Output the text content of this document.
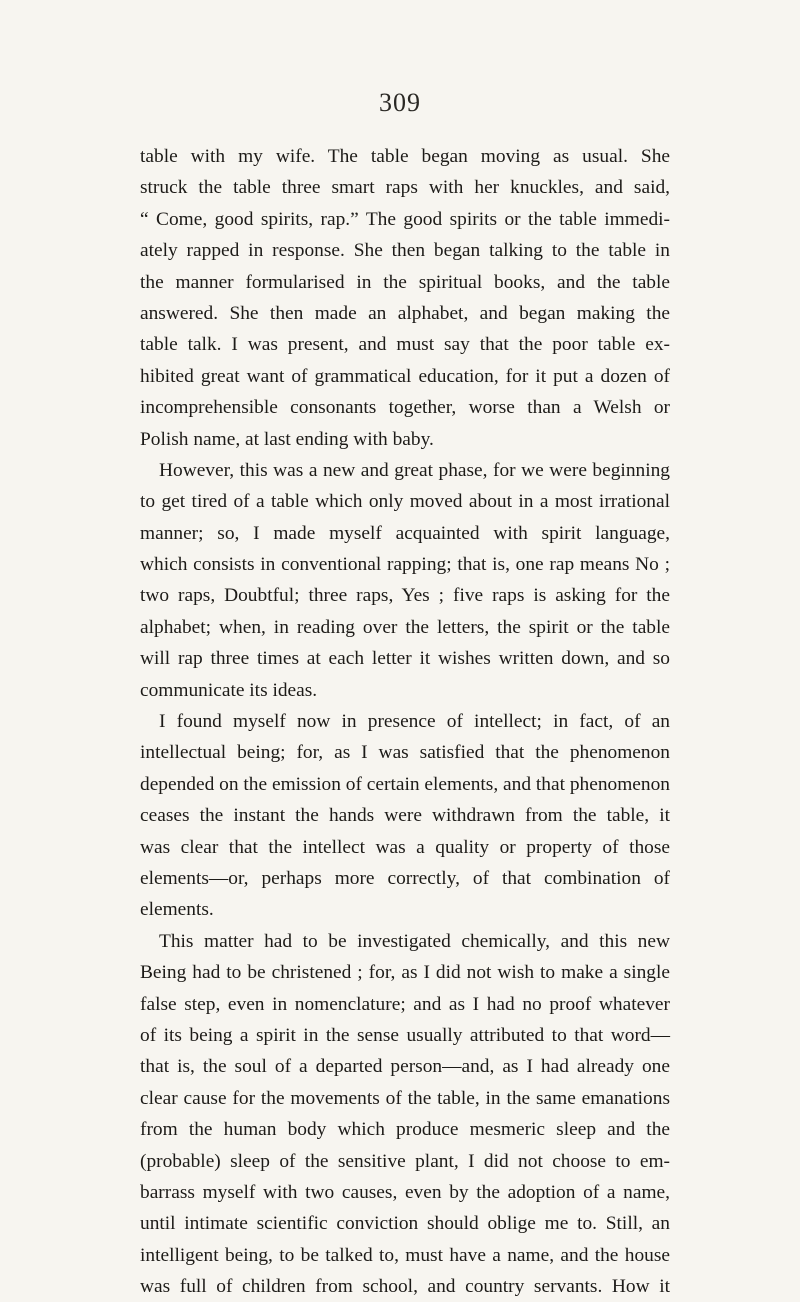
309
table with my wife. The table began moving as usual. She
struck the table three smart raps with her knuckles, and said,
“ Come, good spirits, rap.” The good spirits or the table immedi-
ately rapped in response. She then began talking to the table in
the manner formularised in the spiritual books, and the table
answered. She then made an alphabet, and began making the
table talk. I was present, and must say that the poor table ex-
hibited great want of grammatical education, for it put a dozen of
incomprehensible consonants together, worse than a Welsh or
Polish name, at last ending with baby.
However, this was a new and great phase, for we were beginning
to get tired of a table which only moved about in a most irrational
manner; so, I made myself acquainted with spirit language,
which consists in conventional rapping; that is, one rap means No ;
two raps, Doubtful; three raps, Yes ; five raps is asking for the
alphabet; when, in reading over the letters, the spirit or the table
will rap three times at each letter it wishes written down, and so
communicate its ideas.
I found myself now in presence of intellect; in fact, of an
intellectual being; for, as I was satisfied that the phenomenon
depended on the emission of certain elements, and that phenomenon
ceases the instant the hands were withdrawn from the table, it
was clear that the intellect was a quality or property of those
elements—or, perhaps more correctly, of that combination of
elements.
This matter had to be investigated chemically, and this new
Being had to be christened ; for, as I did not wish to make a single
false step, even in nomenclature; and as I had no proof whatever
of its being a spirit in the sense usually attributed to that word—
that is, the soul of a departed person—and, as I had already one
clear cause for the movements of the table, in the same emanations
from the human body which produce mesmeric sleep and the
(probable) sleep of the sensitive plant, I did not choose to em-
barrass myself with two causes, even by the adoption of a name,
until intimate scientific conviction should oblige me to. Still, an
intelligent being, to be talked to, must have a name, and the house
was full of children from school, and country servants. How it
